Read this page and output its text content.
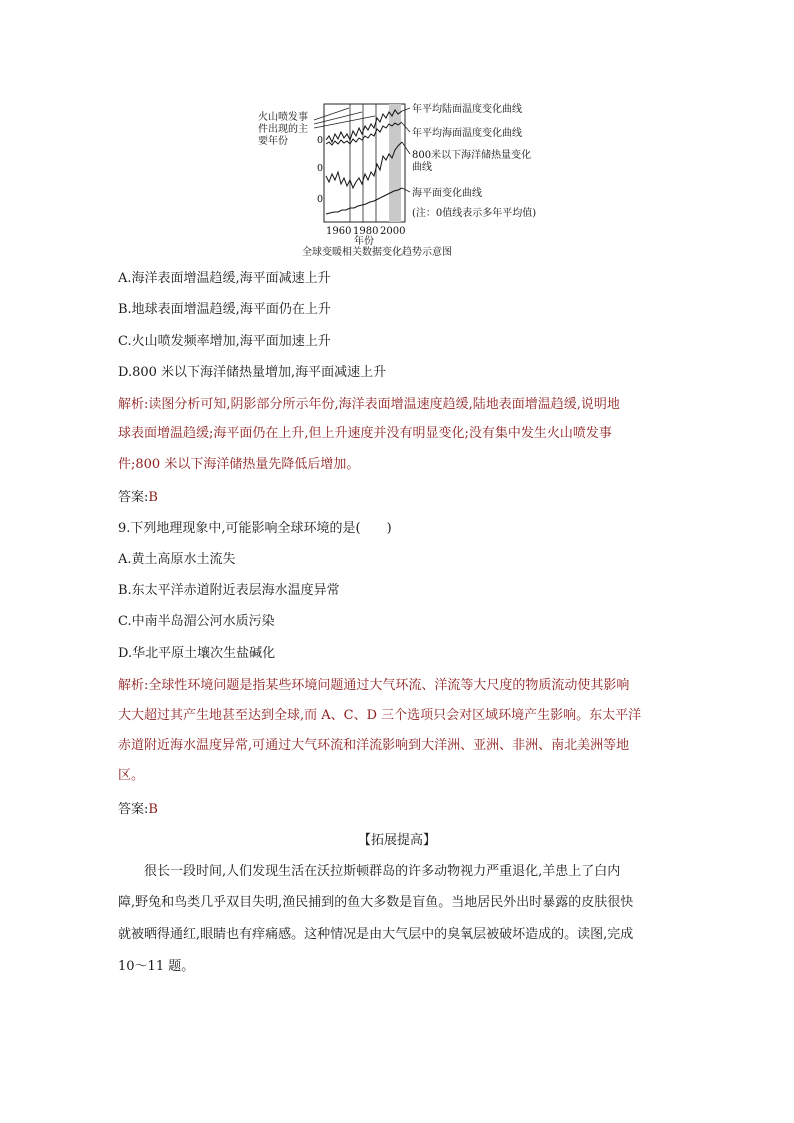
火山喷发事
件出现的主
要年份	0
0
0
年平均陆面温度变化曲线
年平均海面温度变化曲线
800米以下海洋储热量变化
曲线
海平面变化曲线
(注：0值线表示多年平均值)
1960 1980 2000
年份
全球变暖相关数据变化趋势示意图
A.海洋表面增温趋缓,海平面减速上升
B.地球表面增温趋缓,海平面仍在上升
C.火山喷发频率增加,海平面加速上升
D.800 米以下海洋储热量增加,海平面减速上升
解析:读图分析可知,阴影部分所示年份,海洋表面增温速度趋缓,陆地表面增温趋缓,说明地
球表面增温趋缓;海平面仍在上升,但上升速度并没有明显变化;没有集中发生火山喷发事
件;800 米以下海洋储热量先降低后增加。
答案:B
9.下列地理现象中,可能影响全球环境的是(　　)
A.黄土高原水土流失
B.东太平洋赤道附近表层海水温度异常
C.中南半岛湄公河水质污染
D.华北平原土壤次生盐碱化
解析:全球性环境问题是指某些环境问题通过大气环流、洋流等大尺度的物质流动使其影响
大大超过其产生地甚至达到全球,而 A、C、D 三个选项只会对区域环境产生影响。东太平洋
赤道附近海水温度异常,可通过大气环流和洋流影响到大洋洲、亚洲、非洲、南北美洲等地
区。
答案:B
【拓展提高】
很长一段时间,人们发现生活在沃拉斯顿群岛的许多动物视力严重退化,羊患上了白内
障,野兔和鸟类几乎双目失明,渔民捕到的鱼大多数是盲鱼。当地居民外出时暴露的皮肤很快
就被晒得通红,眼睛也有痒痛感。这种情况是由大气层中的臭氧层被破坏造成的。读图,完成
10～11 题。
